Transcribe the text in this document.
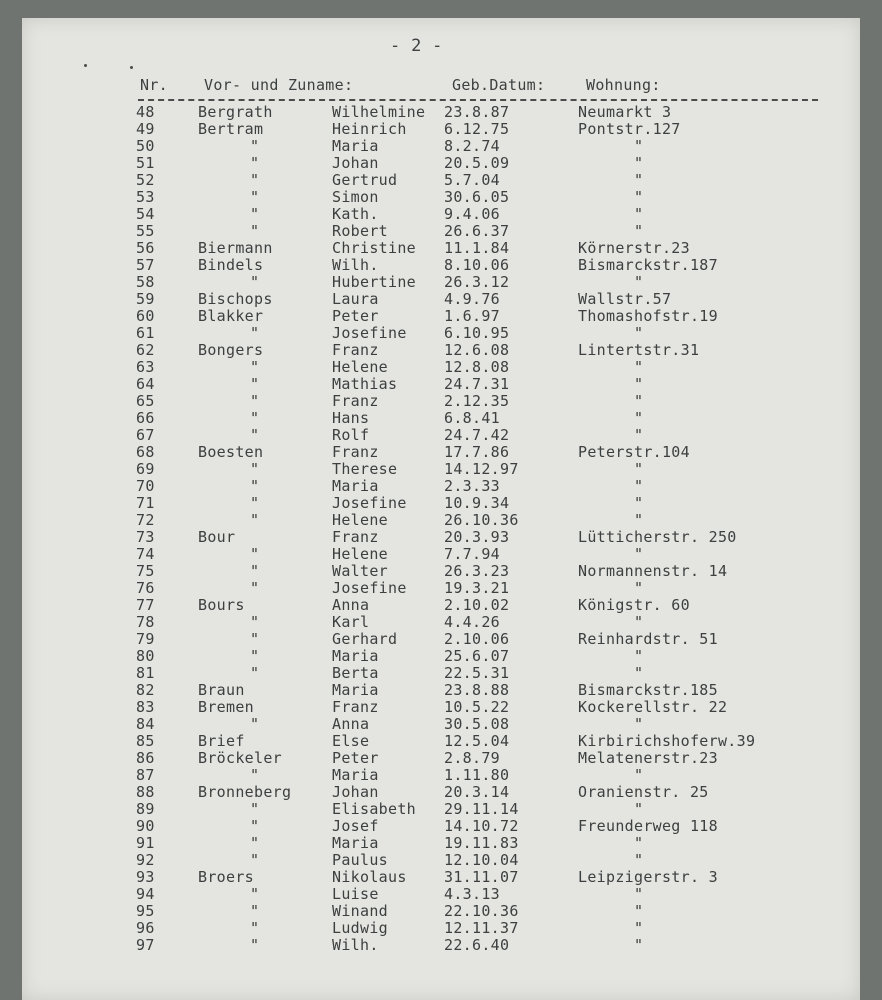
- 2 -
Nr. Vor- und Zuname:	Geb.Datum:	Wohnung:
48	Bergrath	Wilhelmine 23.8.87	Neumarkt 3
49	Bertram	Heinrich 6.12.75	Pontstr.127
50	"	Maria	8.2.74	"
51	"	Johan	20.5.09	"
52	"	Gertrud	5.7.04	"
53	"	Simon	30.6.05	"
54	"	Kath.	9.4.06	"
55	"	Robert	26.6.37	"
56	Biermann	Christine 11.1.84	Körnerstr.23
57	Bindels	Wilh.	8.10.06	Bismarckstr.187
58	"	Hubertine 26.3.12	"
59	Bischops	Laura	4.9.76	Wallstr.57
60	Blakker	Peter	1.6.97	Thomashofstr.19
61	"	Josefine 6.10.95	"
62	Bongers	Franz	12.6.08	Lintertstr.31
63	"	Helene	12.8.08	"
64	"	Mathias	24.7.31	"
65	"	Franz	2.12.35	"
66	"	Hans	6.8.41	"
67	"	Rolf	24.7.42	"
68	Boesten	Franz	17.7.86	Peterstr.104
69	"	Therese	14.12.97	"
70	"	Maria	2.3.33	"
71	"	Josefine 10.9.34	"
72	"	Helene	26.10.36	"
73	Bour	Franz	20.3.93	Lütticherstr. 250
74	"	Helene	7.7.94	"
75	"	Walter	26.3.23	Normannenstr. 14
76	"	Josefine 19.3.21	"
77	Bours	Anna	2.10.02	Königstr. 60
78	"	Karl	4.4.26	"
79	"	Gerhard	2.10.06	Reinhardstr. 51
80	"	Maria	25.6.07	"
81	"	Berta	22.5.31	"
82	Braun	Maria	23.8.88	Bismarckstr.185
83	Bremen	Franz	10.5.22	Kockerellstr. 22
84	"	Anna	30.5.08	"
85	Brief	Else	12.5.04	Kirbirichshoferw.39
86	Bröckeler	Peter	2.8.79	Melatenerstr.23
87	"	Maria	1.11.80	"
88	Bronneberg	Johan	20.3.14	Oranienstr. 25
89	"	Elisabeth 29.11.14	"
90	"	Josef	14.10.72	Freunderweg 118
91	"	Maria	19.11.83	"
92	"	Paulus	12.10.04	"
93	Broers	Nikolaus 31.11.07	Leipzigerstr. 3
94	"	Luise	4.3.13	"
95	"	Winand	22.10.36	"
96	"	Ludwig	12.11.37	"
97	"	Wilh.	22.6.40	"
